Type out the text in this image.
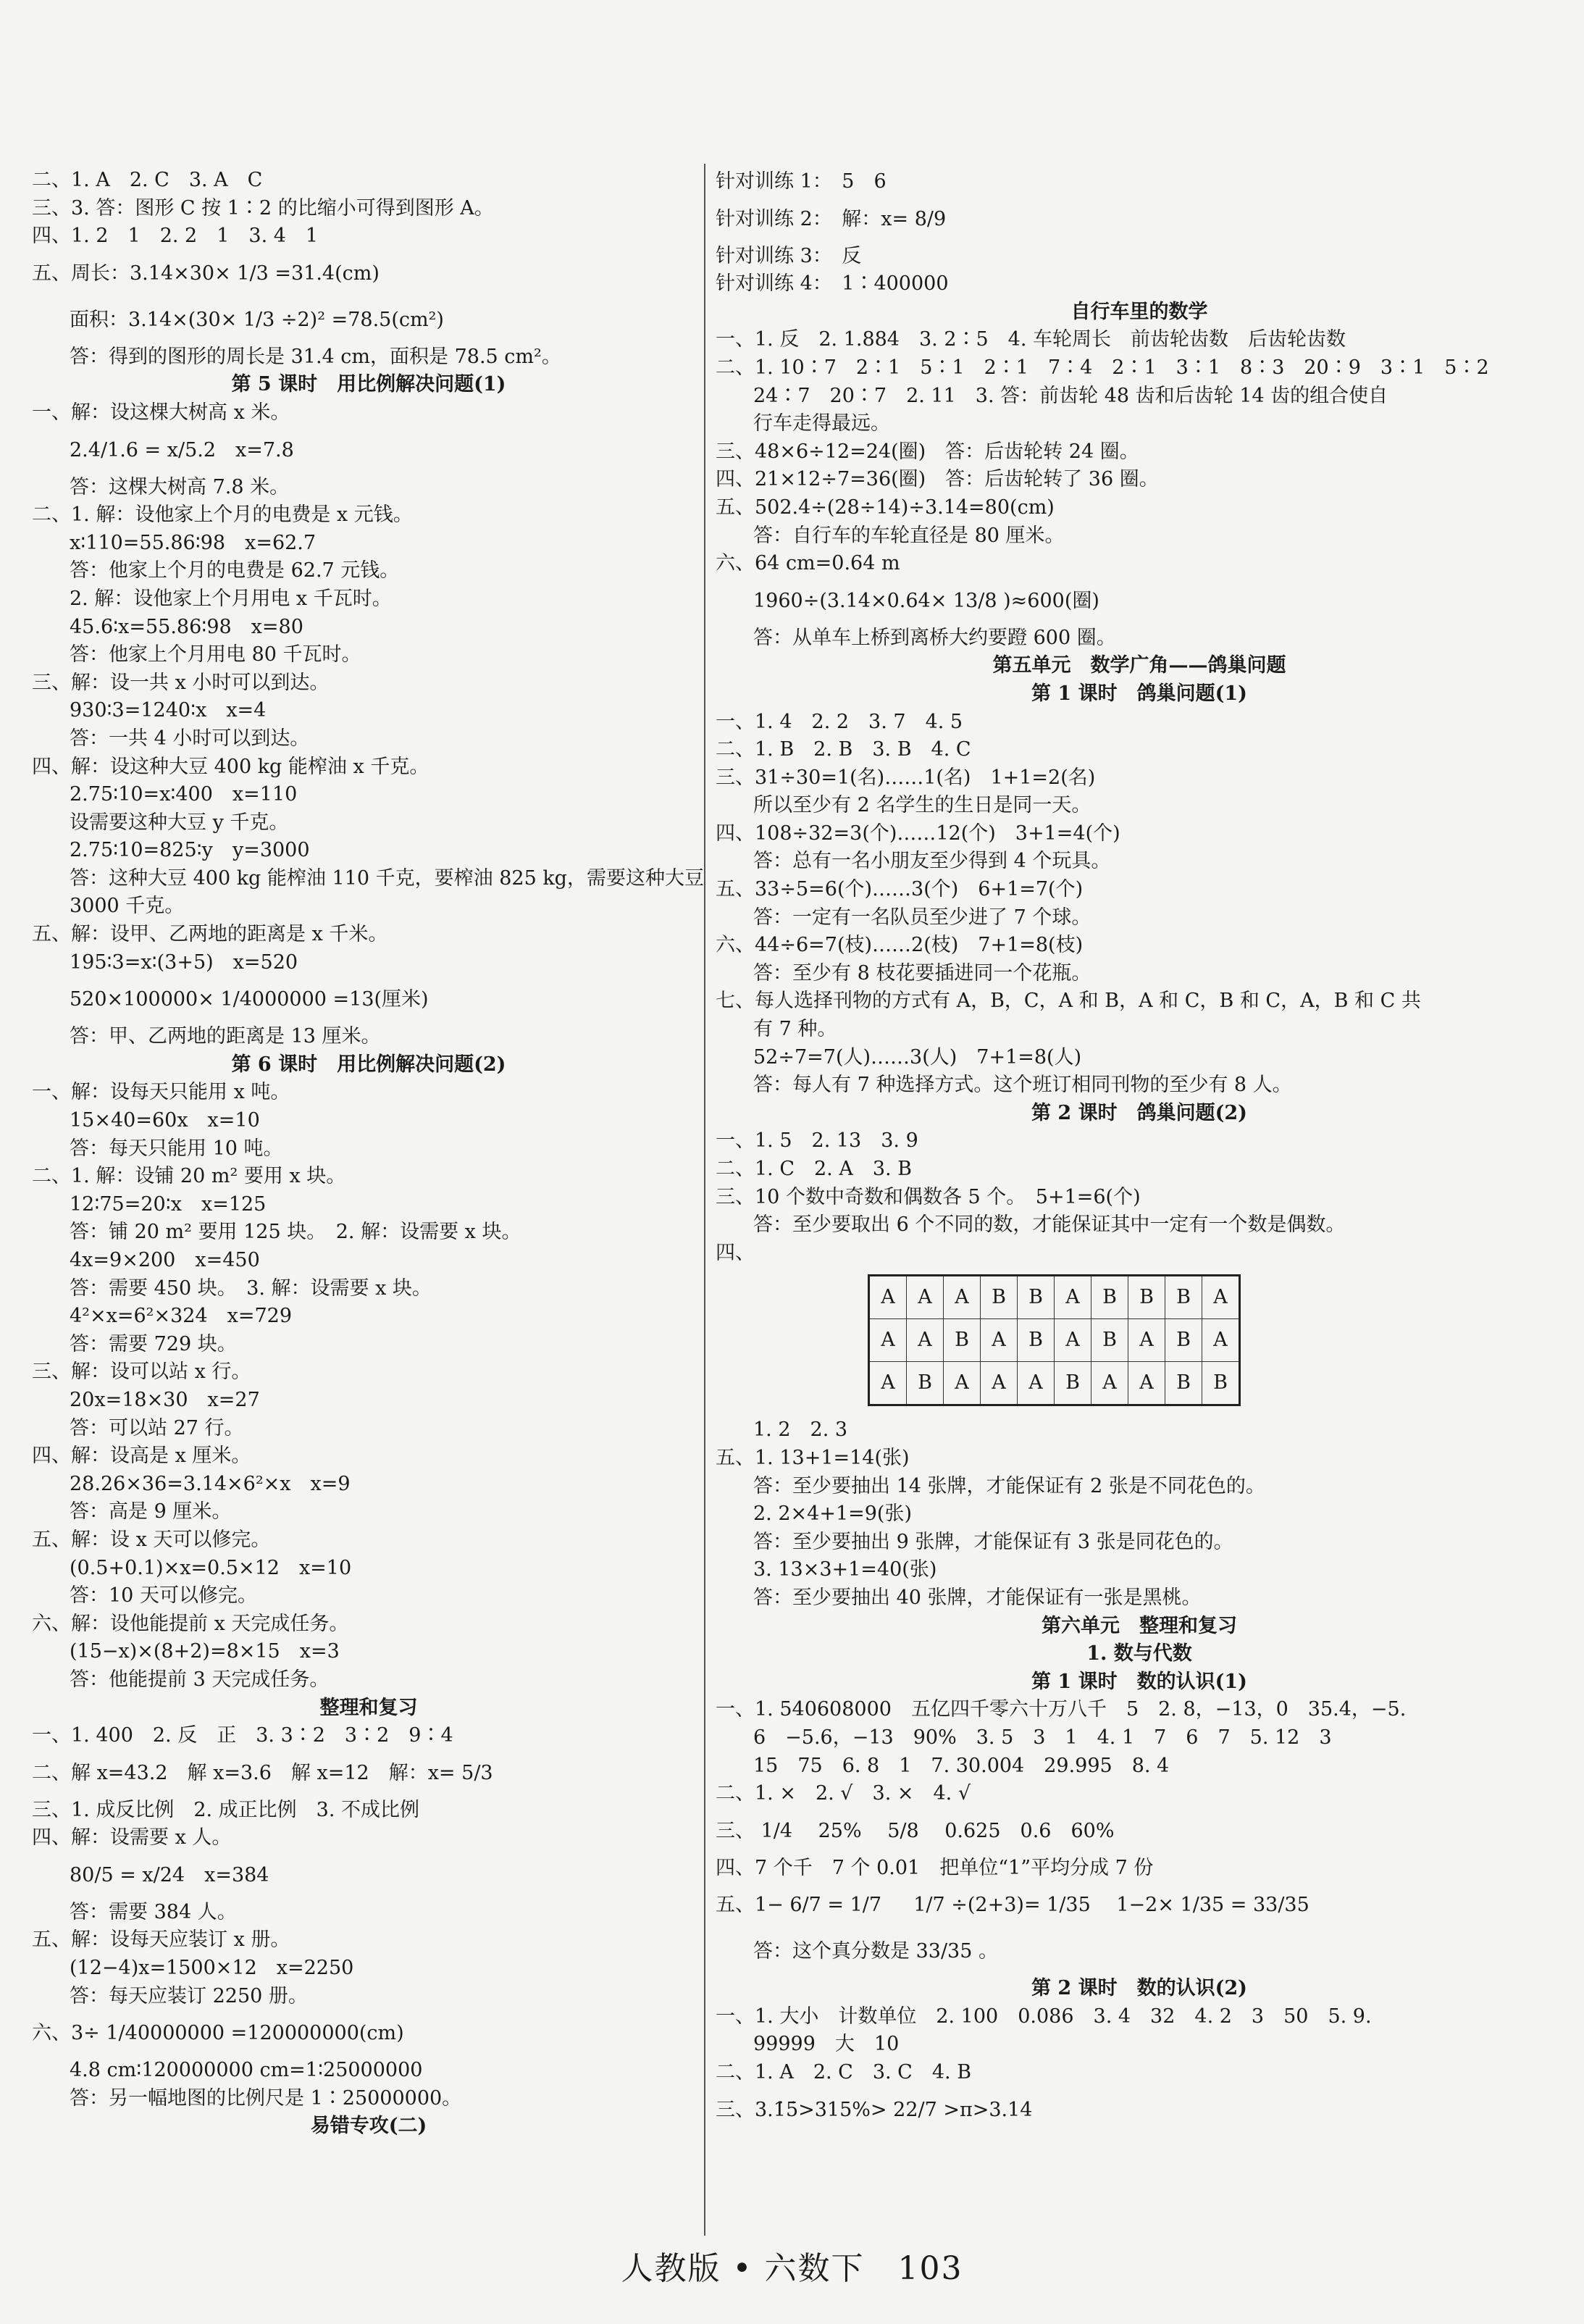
二、1. A　2. C　3. A　C
三、3. 答：图形 C 按 1∶2 的比缩小可得到图形 A。
四、1. 2　1　2. 2　1　3. 4　1
五、周长：3.14×30× 1/3 =31.4(cm)
面积：3.14×(30× 1/3 ÷2)² =78.5(cm²)
答：得到的图形的周长是 31.4 cm，面积是 78.5 cm²。
第 5 课时　用比例解决问题(1)
一、解：设这棵大树高 x 米。
2.4/1.6 = x/5.2　x=7.8
答：这棵大树高 7.8 米。
二、1. 解：设他家上个月的电费是 x 元钱。
x∶110=55.86∶98　x=62.7
答：他家上个月的电费是 62.7 元钱。
2. 解：设他家上个月用电 x 千瓦时。
45.6∶x=55.86∶98　x=80
答：他家上个月用电 80 千瓦时。
三、解：设一共 x 小时可以到达。
930∶3=1240∶x　x=4
答：一共 4 小时可以到达。
四、解：设这种大豆 400 kg 能榨油 x 千克。
2.75∶10=x∶400　x=110
设需要这种大豆 y 千克。
2.75∶10=825∶y　y=3000
答：这种大豆 400 kg 能榨油 110 千克，要榨油 825 kg，需要这种大豆
3000 千克。
五、解：设甲、乙两地的距离是 x 千米。
195∶3=x∶(3+5)　x=520
520×100000× 1/4000000 =13(厘米)
答：甲、乙两地的距离是 13 厘米。
第 6 课时　用比例解决问题(2)
一、解：设每天只能用 x 吨。
15×40=60x　x=10
答：每天只能用 10 吨。
二、1. 解：设铺 20 m² 要用 x 块。
12∶75=20∶x　x=125
答：铺 20 m² 要用 125 块。　2. 解：设需要 x 块。
4x=9×200　x=450
答：需要 450 块。　3. 解：设需要 x 块。
4²×x=6²×324　x=729
答：需要 729 块。
三、解：设可以站 x 行。
20x=18×30　x=27
答：可以站 27 行。
四、解：设高是 x 厘米。
28.26×36=3.14×6²×x　x=9
答：高是 9 厘米。
五、解：设 x 天可以修完。
(0.5+0.1)×x=0.5×12　x=10
答：10 天可以修完。
六、解：设他能提前 x 天完成任务。
(15−x)×(8+2)=8×15　x=3
答：他能提前 3 天完成任务。
整理和复习
一、1. 400　2. 反　正　3. 3∶2　3∶2　9∶4
二、解 x=43.2　解 x=3.6　解 x=12　解：x= 5/3
三、1. 成反比例　2. 成正比例　3. 不成比例
四、解：设需要 x 人。
80/5 = x/24　x=384
答：需要 384 人。
五、解：设每天应装订 x 册。
(12−4)x=1500×12　x=2250
答：每天应装订 2250 册。
六、3÷ 1/40000000 =120000000(cm)
4.8 cm∶120000000 cm=1∶25000000
答：另一幅地图的比例尺是 1∶25000000。
易错专攻(二)
针对训练 1：　5　6
针对训练 2：　解：x= 8/9
针对训练 3：　反
针对训练 4：　1∶400000
自行车里的数学
一、1. 反　2. 1.884　3. 2∶5　4. 车轮周长　前齿轮齿数　后齿轮齿数
二、1. 10∶7　2∶1　5∶1　2∶1　7∶4　2∶1　3∶1　8∶3　20∶9　3∶1　5∶2
24∶7　20∶7　2. 11　3. 答：前齿轮 48 齿和后齿轮 14 齿的组合使自
行车走得最远。
三、48×6÷12=24(圈)　答：后齿轮转 24 圈。
四、21×12÷7=36(圈)　答：后齿轮转了 36 圈。
五、502.4÷(28÷14)÷3.14=80(cm)
答：自行车的车轮直径是 80 厘米。
六、64 cm=0.64 m
1960÷(3.14×0.64× 13/8 )≈600(圈)
答：从单车上桥到离桥大约要蹬 600 圈。
第五单元　数学广角——鸽巢问题
第 1 课时　鸽巢问题(1)
一、1. 4　2. 2　3. 7　4. 5
二、1. B　2. B　3. B　4. C
三、31÷30=1(名)……1(名)　1+1=2(名)
所以至少有 2 名学生的生日是同一天。
四、108÷32=3(个)……12(个)　3+1=4(个)
答：总有一名小朋友至少得到 4 个玩具。
五、33÷5=6(个)……3(个)　6+1=7(个)
答：一定有一名队员至少进了 7 个球。
六、44÷6=7(枝)……2(枝)　7+1=8(枝)
答：至少有 8 枝花要插进同一个花瓶。
七、每人选择刊物的方式有 A，B，C，A 和 B，A 和 C，B 和 C，A，B 和 C 共
有 7 种。
52÷7=7(人)……3(人)　7+1=8(人)
答：每人有 7 种选择方式。这个班订相同刊物的至少有 8 人。
第 2 课时　鸽巢问题(2)
一、1. 5　2. 13　3. 9
二、1. C　2. A　3. B
三、10 个数中奇数和偶数各 5 个。　5+1=6(个)
答：至少要取出 6 个不同的数，才能保证其中一定有一个数是偶数。
四、
A	A	A	B	B	A	B	B	B	A
A	A	B	A	B	A	B	A	B	A
A	B	A	A	A	B	A	A	B	B
1. 2　2. 3
五、1. 13+1=14(张)
答：至少要抽出 14 张牌，才能保证有 2 张是不同花色的。
2. 2×4+1=9(张)
答：至少要抽出 9 张牌，才能保证有 3 张是同花色的。
3. 13×3+1=40(张)
答：至少要抽出 40 张牌，才能保证有一张是黑桃。
第六单元　整理和复习
1. 数与代数
第 1 课时　数的认识(1)
一、1. 540608000　五亿四千零六十万八千　5　2. 8，−13，0　35.4，−5.
6　−5.6，−13　90%　3. 5　3　1　4. 1　7　6　7　5. 12　3
15　75　6. 8　1　7. 30.004　29.995　8. 4
二、1. ×　2. √　3. ×　4. √
三、 1/4 　25%　 5/8 　0.625　0.6　60%
四、7 个千　7 个 0.01　把单位“1”平均分成 7 份
五、1− 6/7 = 1/7 　 1/7 ÷(2+3)= 1/35 　1−2× 1/35 = 33/35
答：这个真分数是 33/35 。
第 2 课时　数的认识(2)
一、1. 大小　计数单位　2. 100　0.086　3. 4　32　4. 2　3　50　5. 9.
99999　大　10
二、1. A　2. C　3. C　4. B
三、3.1̇5̇>315%> 22/7 >π>3.14
人教版 • 六数下　103
